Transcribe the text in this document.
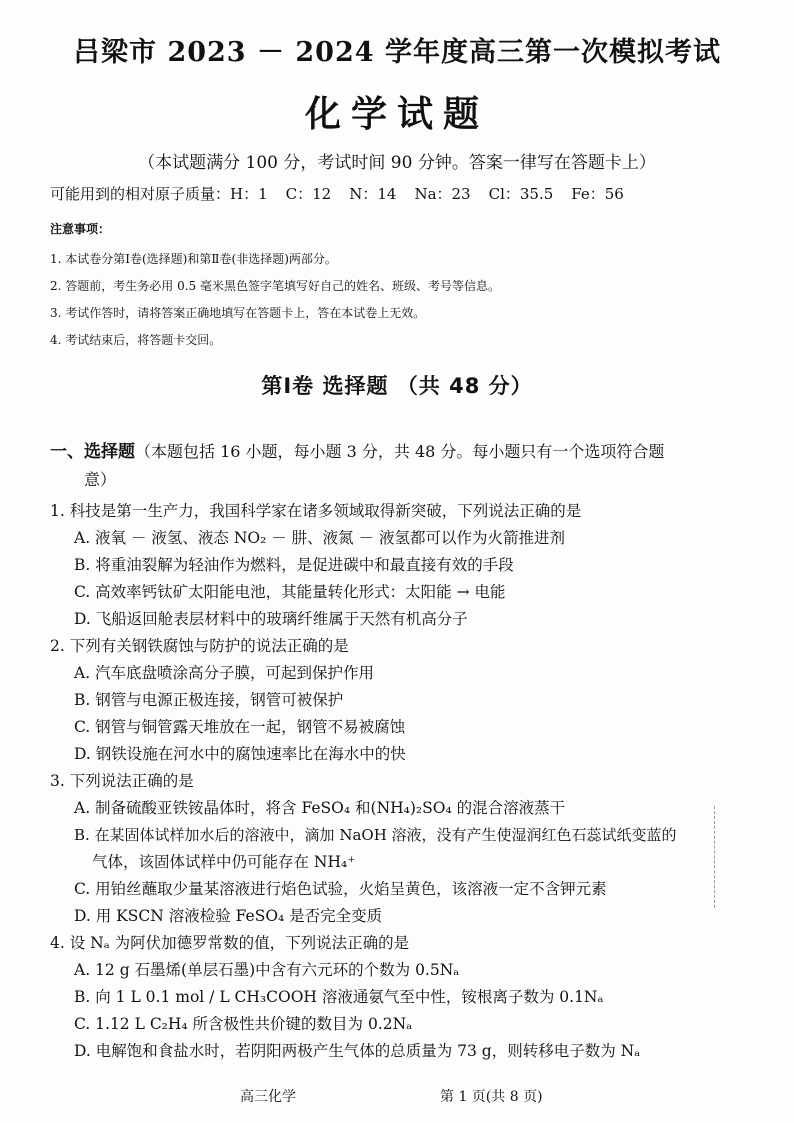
吕梁市 2023 － 2024 学年度高三第一次模拟考试
化学试题
（本试题满分 100 分，考试时间 90 分钟。答案一律写在答题卡上）
可能用到的相对原子质量： H：1 C：12 N：14 Na：23 Cl：35.5 Fe：56
注意事项：
1. 本试卷分第Ⅰ卷(选择题)和第Ⅱ卷(非选择题)两部分。
2. 答题前，考生务必用 0.5 毫米黑色签字笔填写好自己的姓名、班级、考号等信息。
3. 考试作答时，请将答案正确地填写在答题卡上，答在本试卷上无效。
4. 考试结束后，将答题卡交回。
第Ⅰ卷 选择题 （共 48 分）
一、选择题（本题包括 16 小题，每小题 3 分，共 48 分。每小题只有一个选项符合题
意）
1. 科技是第一生产力，我国科学家在诸多领域取得新突破，下列说法正确的是
A. 液氧 － 液氢、液态 NO₂ － 肼、液氮 － 液氢都可以作为火箭推进剂
B. 将重油裂解为轻油作为燃料，是促进碳中和最直接有效的手段
C. 高效率钙钛矿太阳能电池，其能量转化形式：太阳能 → 电能
D. 飞船返回舱表层材料中的玻璃纤维属于天然有机高分子
2. 下列有关钢铁腐蚀与防护的说法正确的是
A. 汽车底盘喷涂高分子膜，可起到保护作用
B. 钢管与电源正极连接，钢管可被保护
C. 钢管与铜管露天堆放在一起，钢管不易被腐蚀
D. 钢铁设施在河水中的腐蚀速率比在海水中的快
3. 下列说法正确的是
A. 制备硫酸亚铁铵晶体时，将含 FeSO₄ 和(NH₄)₂SO₄ 的混合溶液蒸干
B. 在某固体试样加水后的溶液中，滴加 NaOH 溶液，没有产生使湿润红色石蕊试纸变蓝的
气体，该固体试样中仍可能存在 NH₄⁺
C. 用铂丝蘸取少量某溶液进行焰色试验，火焰呈黄色，该溶液一定不含钾元素
D. 用 KSCN 溶液检验 FeSO₄ 是否完全变质
4. 设 Nₐ 为阿伏加德罗常数的值，下列说法正确的是
A. 12 g 石墨烯(单层石墨)中含有六元环的个数为 0.5Nₐ
B. 向 1 L 0.1 mol / L CH₃COOH 溶液通氨气至中性，铵根离子数为 0.1Nₐ
C. 1.12 L C₂H₄ 所含极性共价键的数目为 0.2Nₐ
D. 电解饱和食盐水时，若阴阳两极产生气体的总质量为 73 g，则转移电子数为 Nₐ
高三化学	第 1 页(共 8 页)
